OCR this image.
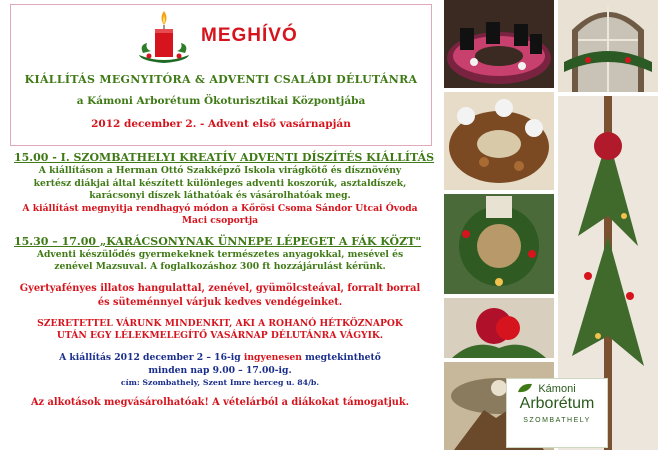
MEGHÍVÓ
KIÁLLÍTÁS MEGNYITÓRA & ADVENTI CSALÁDI DÉLUTÁNRA
a Kámoni Arborétum Ökoturisztikai Központjába
2012 december 2. - Advent első vasárnapján

15.00 - I. SZOMBATHELYI KREATÍV ADVENTI DÍSZÍTÉS KIÁLLÍTÁS

A kiállításon a Herman Ottó Szakképző Iskola virágkötő és dísznövény

kertész diákjai által készített különleges adventi koszorúk, asztaldíszek,

karácsonyi díszek láthatóak és vásárolhatóak meg.

A kiállítást megnyitja rendhagyó módon a Kőrösi Csoma Sándor Utcai Óvoda

Maci csoportja

15.30 – 17.00 „KARÁCSONYNAK ÜNNEPE LÉPEGET A FÁK KÖZT"

Adventi készülődés gyermekeknek természetes anyagokkal, mesével és

zenével Mazsuval. A foglalkozáshoz 300 ft hozzájárulást kérünk.

Gyertyafényes illatos hangulattal, zenével, gyümölcsteával, forralt borral

és süteménnyel várjuk kedves vendégeinket.

SZERETETTEL VÁRUNK MINDENKIT, AKI A ROHANÓ HÉTKÖZNAPOK

UTÁN EGY LÉLEKMELEGÍTŐ VASÁRNAP DÉLUTÁNRA VÁGYIK.

A kiállítás 2012 december 2 – 16-ig ingyenesen megtekinthető

minden nap 9.00 – 17.00-ig.

cím: Szombathely, Szent Imre herceg u. 84/b.

Az alkotások megvásárolhatóak! A vételárból a diákokat támogatjuk.

Kámoni
Arborétum
SZOMBATHELY
